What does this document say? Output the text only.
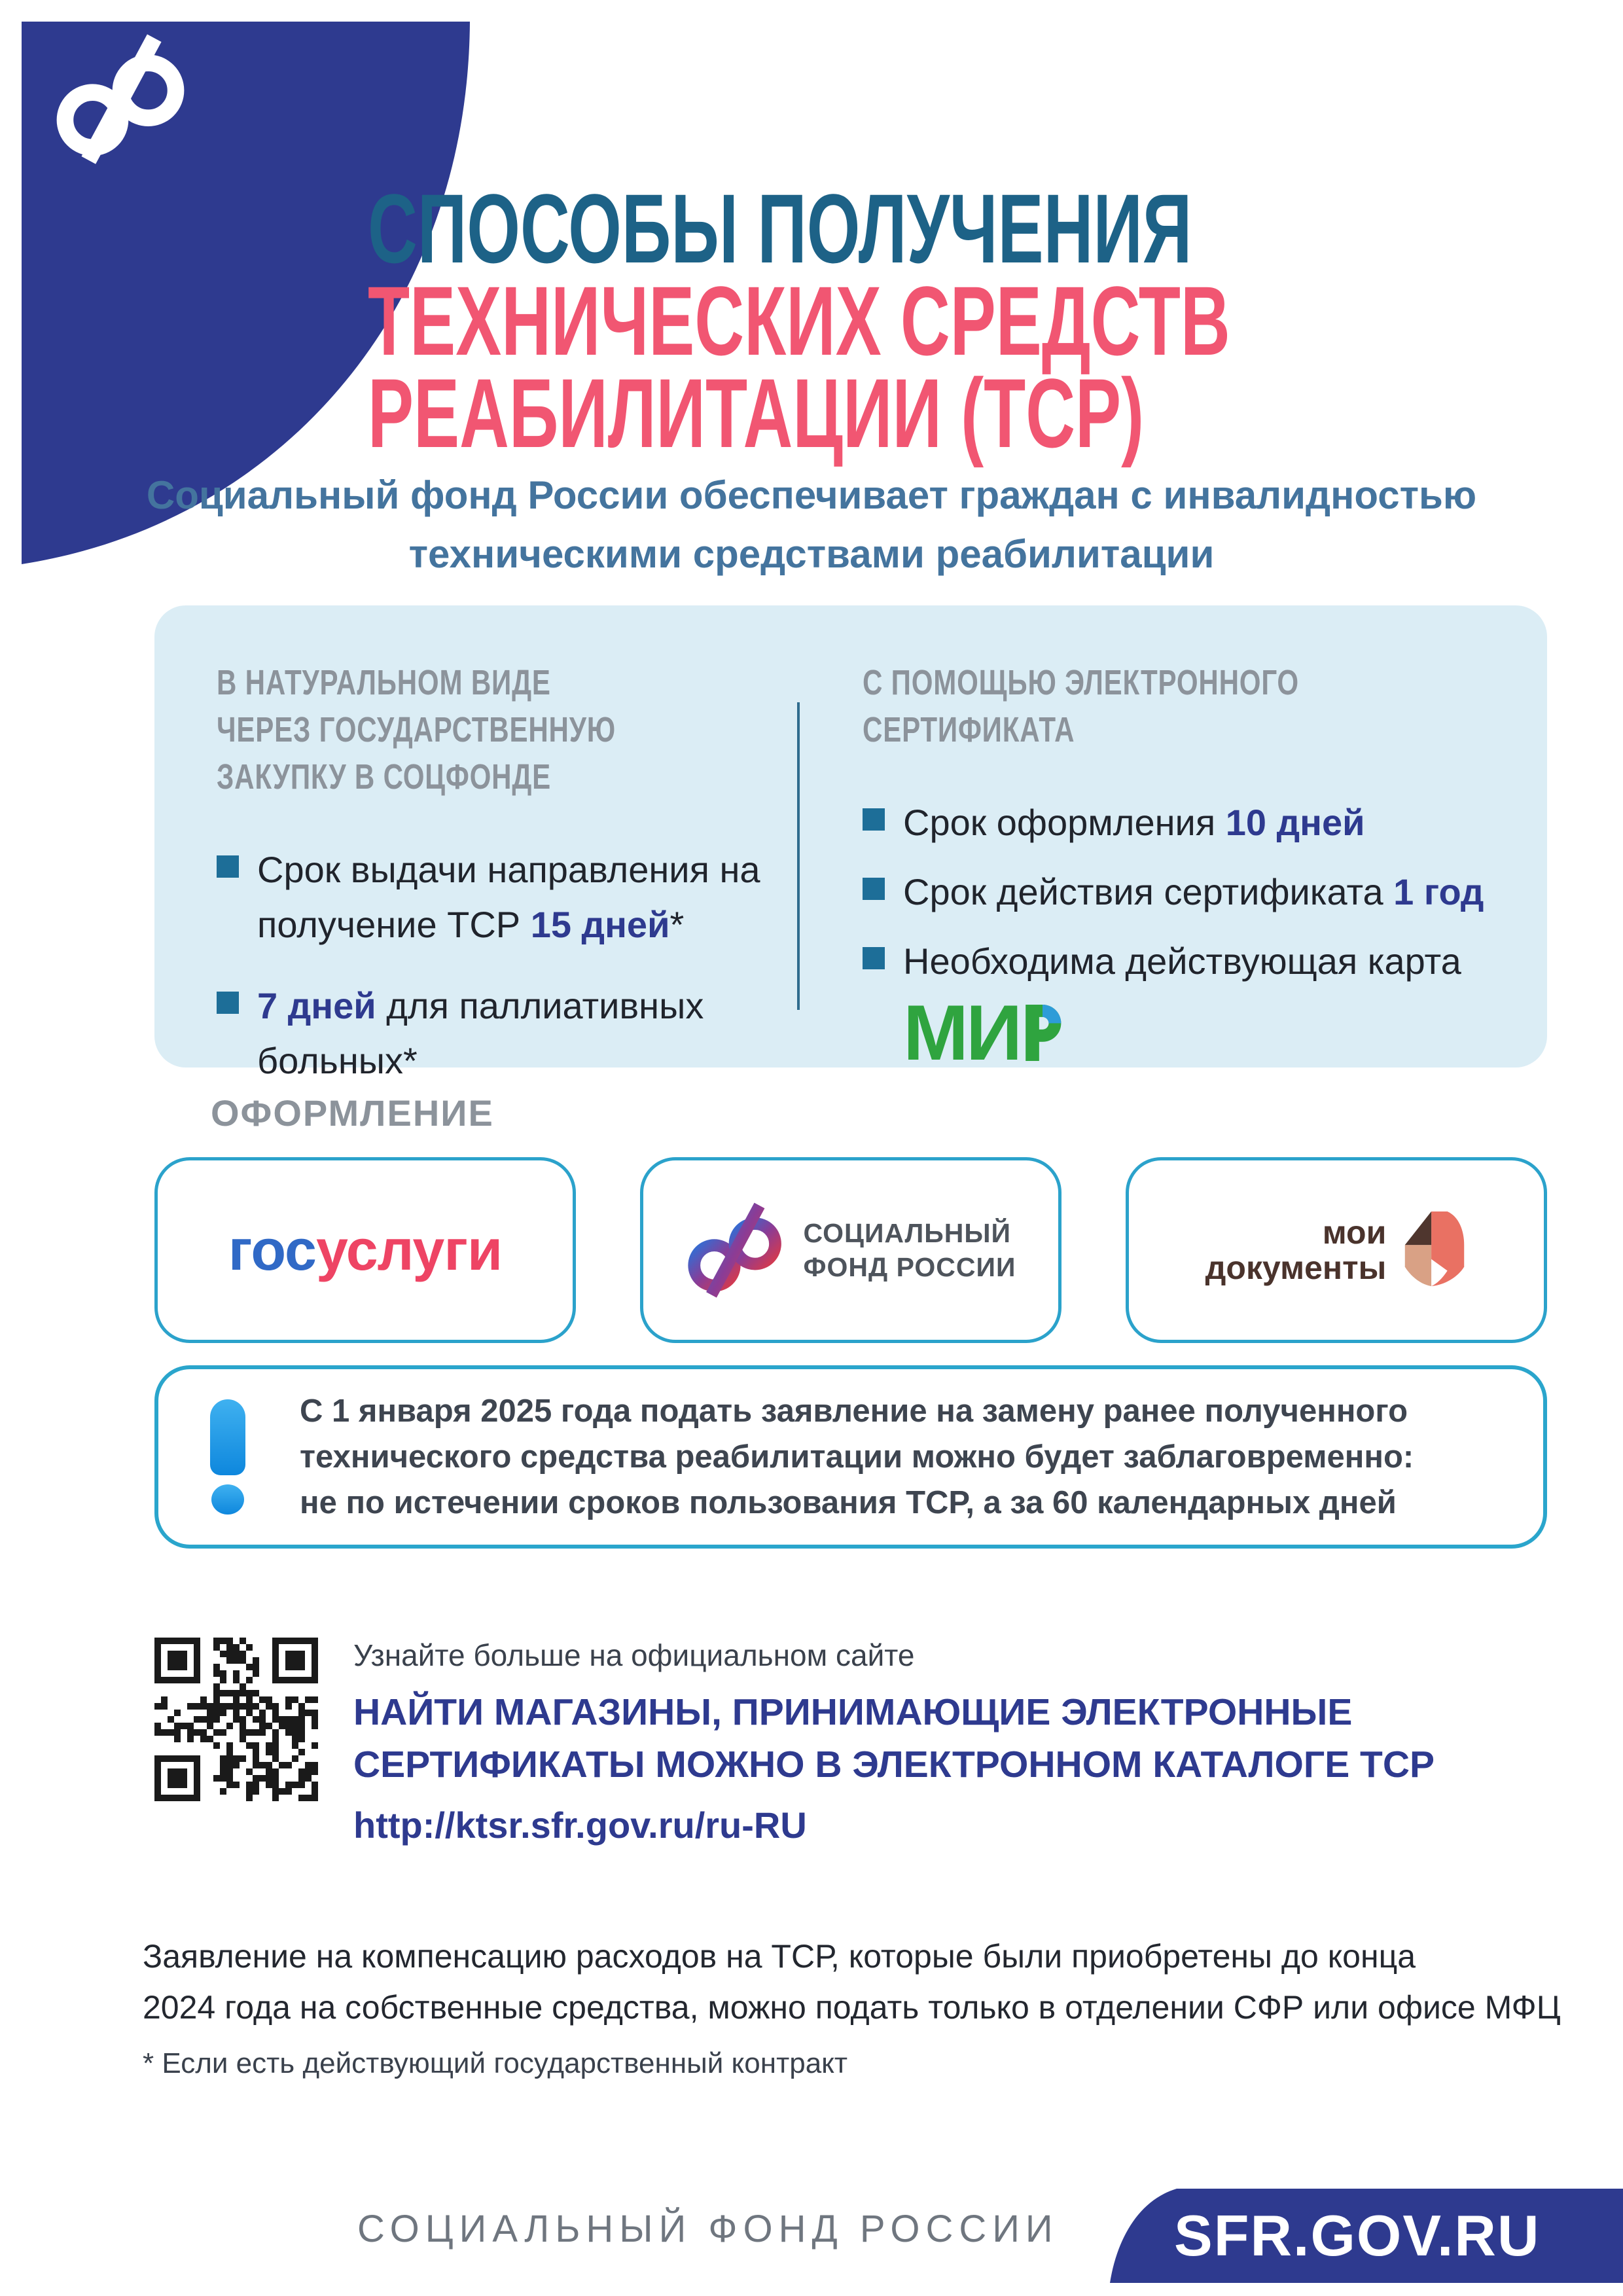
СПОСОБЫ ПОЛУЧЕНИЯ
ТЕХНИЧЕСКИХ СРЕДСТВ
РЕАБИЛИТАЦИИ (ТСР)
Социальный фонд России обеспечивает граждан с инвалидностью
техническими средствами реабилитации
В НАТУРАЛЬНОМ ВИДЕ
ЧЕРЕЗ ГОСУДАРСТВЕННУЮ
ЗАКУПКУ В СОЦФОНДЕ
Срок выдачи направления на получение ТСР 15 дней*
7 дней для паллиативных больных*
С ПОМОЩЬЮ ЭЛЕКТРОННОГО
СЕРТИФИКАТА
Срок оформления 10 дней
Срок действия сертификата 1 год
Необходима действующая карта
МИ
ОФОРМЛЕНИЕ
госуслуги	СОЦИАЛЬНЫЙ
ФОНД РОССИИ
мои
документы
С 1 января 2025 года подать заявление на замену ранее полученного
технического средства реабилитации можно будет заблаговременно:
не по истечении сроков пользования ТСР, а за 60 календарных дней
Узнайте больше на официальном сайте
НАЙТИ МАГАЗИНЫ, ПРИНИМАЮЩИЕ ЭЛЕКТРОННЫЕ
СЕРТИФИКАТЫ МОЖНО В ЭЛЕКТРОННОМ КАТАЛОГЕ ТСР
http://ktsr.sfr.gov.ru/ru-RU
Заявление на компенсацию расходов на ТСР, которые были приобретены до конца
2024 года на собственные средства, можно подать только в отделении СФР или офисе МФЦ
* Если есть действующий государственный контракт
СОЦИАЛЬНЫЙ ФОНД РОССИИ SFR.GOV.RU
